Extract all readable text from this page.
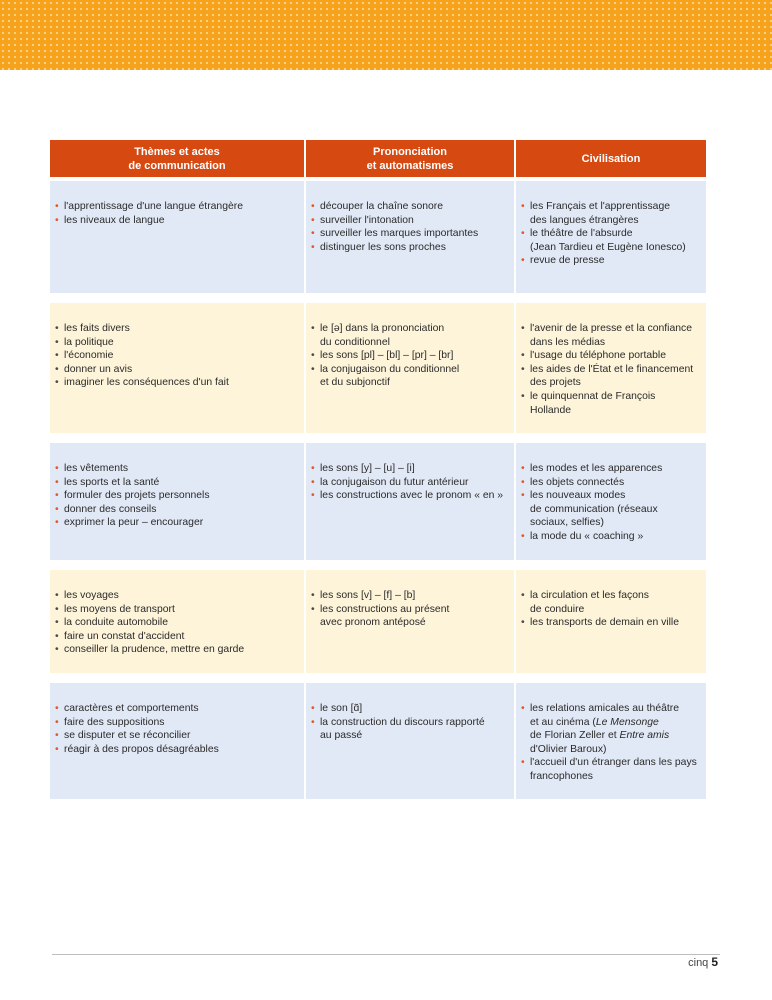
Thèmes et actes
de communication
Prononciation
et automatismes
Civilisation
• l'apprentissage d'une langue étrangère
• les niveaux de langue
• découper la chaîne sonore
• surveiller l'intonation
• surveiller les marques importantes
• distinguer les sons proches
• les Français et l'apprentissage
des langues étrangères
• le théâtre de l'absurde
(Jean Tardieu et Eugène Ionesco)
• revue de presse
• les faits divers
• la politique
• l'économie
• donner un avis
• imaginer les conséquences d'un fait
• le [ə] dans la prononciation
du conditionnel
• les sons [pl] – [bl] – [pr] – [br]
• la conjugaison du conditionnel
et du subjonctif
• l'avenir de la presse et la confiance
dans les médias
• l'usage du téléphone portable
• les aides de l'État et le financement
des projets
• le quinquennat de François
Hollande
• les vêtements
• les sports et la santé
• formuler des projets personnels
• donner des conseils
• exprimer la peur – encourager
• les sons [y] – [u] – [i]
• la conjugaison du futur antérieur
• les constructions avec le pronom « en »
• les modes et les apparences
• les objets connectés
• les nouveaux modes
de communication (réseaux
sociaux, selfies)
• la mode du « coaching »
• les voyages
• les moyens de transport
• la conduite automobile
• faire un constat d'accident
• conseiller la prudence, mettre en garde
• les sons [v] – [f] – [b]
• les constructions au présent
avec pronom antéposé
• la circulation et les façons
de conduire
• les transports de demain en ville
• caractères et comportements
• faire des suppositions
• se disputer et se réconcilier
• réagir à des propos désagréables
• le son [ɑ̃]
• la construction du discours rapporté
au passé
• les relations amicales au théâtre
et au cinéma (Le Mensonge
de Florian Zeller et Entre amis
d'Olivier Baroux)
• l'accueil d'un étranger dans les pays
francophones
cinq 5
